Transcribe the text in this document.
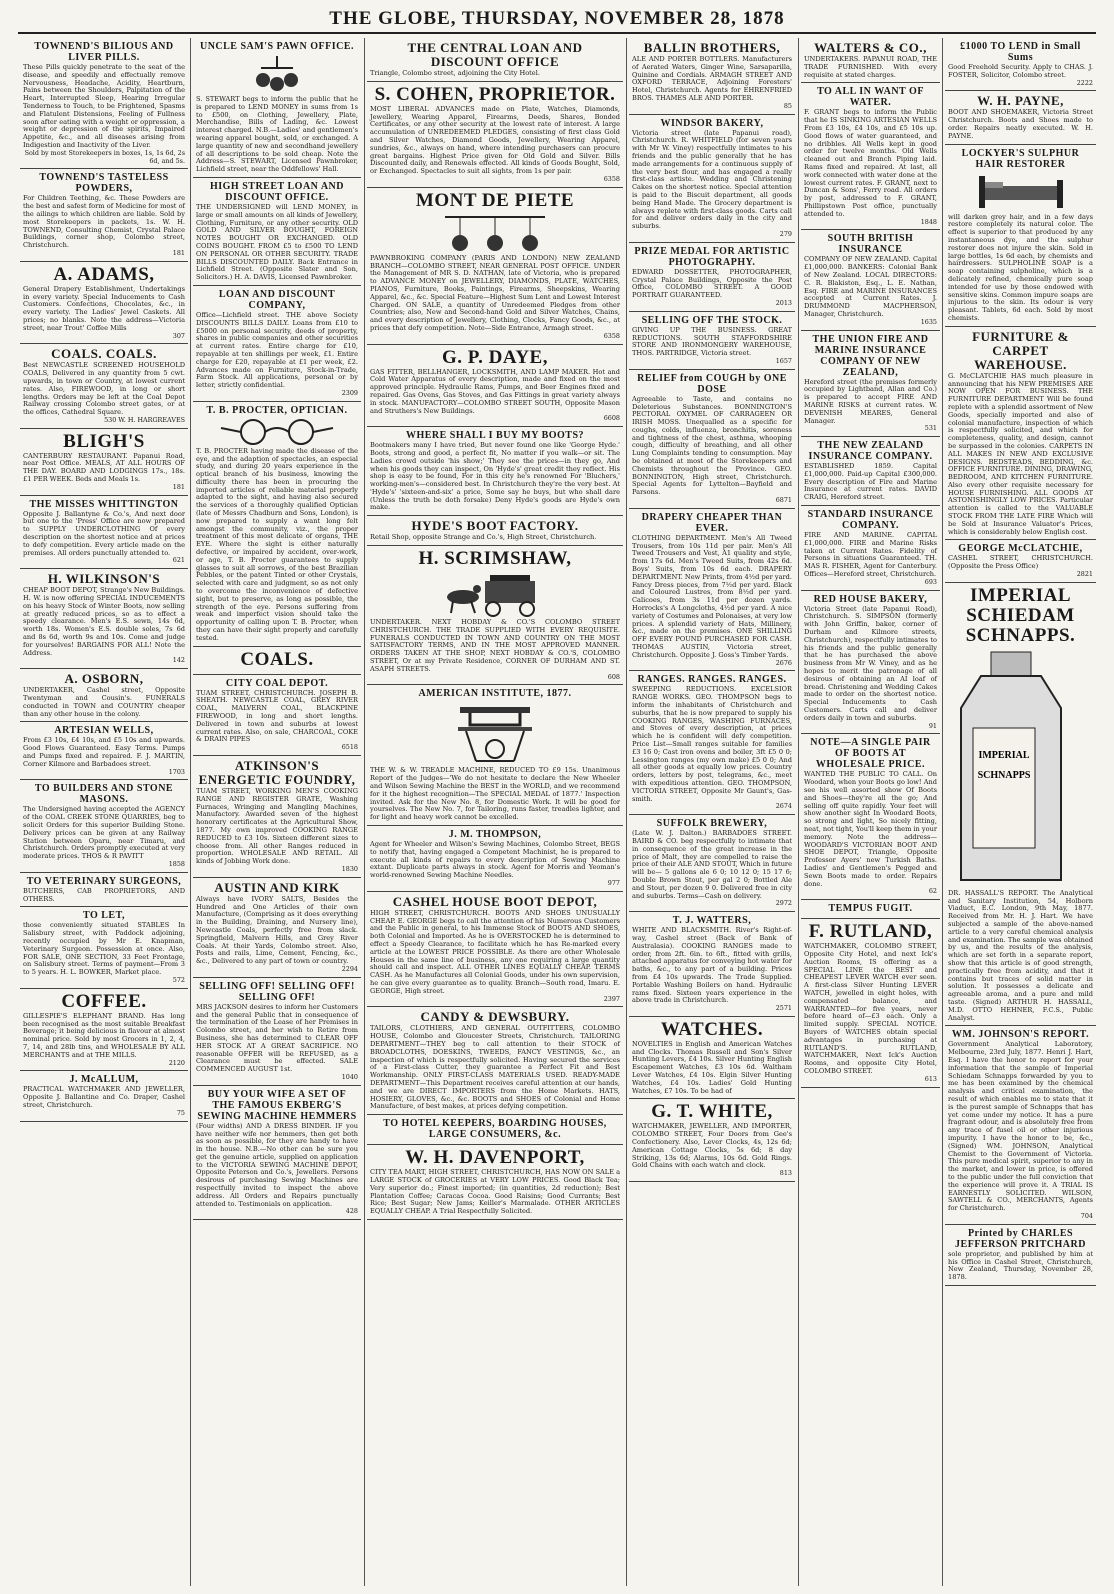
THE GLOBE, THURSDAY, NOVEMBER 28, 1878
TOWNEND'S BILIOUS AND LIVER PILLS.
These Pills quickly penetrate to the seat of the disease, and speedily and effectually remove Nervousness, Headache, Acidity, Heartburn, Pains between the Shoulders, Palpitation of the Heart, Interrupted Sleep, Hearing Irregular Tenderness to Touch, to be Frightened, Spasms and Flatulent Distensions, Feeling of Fullness soon after eating with a weight or oppression, a weight or depression of the spirits, Impaired Appetite, &c., and all diseases arising from Indigestion and Inactivity of the Liver.
Sold by most Storekeepers in boxes, 1s, 1s 6d, 2s 6d, and 5s.
TOWNEND'S TASTELESS POWDERS,
For Children Teething, &c. These Powders are the best and safest form of Medicine for most of the ailings to which children are liable. Sold by most Storekeepers in packets, 1s. W. H. TOWNEND, Consulting Chemist, Crystal Palace Buildings, corner shop, Colombo street, Christchurch.
181
A. ADAMS,
General Drapery Establishment, Undertakings in every variety. Special Inducements to Cash Customers. Confections, Chocolates, &c., in every variety. The Ladies' Jewel Caskets. All prices; no blanks. Note the address—Victoria street, near Trout' Coffee Mills
307
COALS. COALS.
Best NEWCASTLE SCREENED HOUSEHOLD COALS, Delivered in any quantity from 5 cwt. upwards, in town or Country, at lowest current rates. Also, FIREWOOD, in long or short lengths. Orders may be left at the Coal Depot Railway crossing Colombo street gates, or at the offices, Cathedral Square.
530 W. H. HARGREAVES
BLIGH'S
CANTERBURY RESTAURANT. Papanui Road, near Post Office. MEALS, AT ALL HOURS OF THE DAY. BOARD AND LODGINGS 17s., 18s. £1 PER WEEK. Beds and Meals 1s.
181
THE MISSES WHITTINGTON
Opposite J. Ballantyne & Co.'s, And next door but one to the 'Press' Office are now prepared to SUPPLY UNDERCLOTHING Of every description on the shortest notice and at prices to defy competition. Every article made on the premises. All orders punctually attended to.
621
H. WILKINSON'S
CHEAP BOOT DEPOT, Strange's New Buildings. H. W. is now offering SPECIAL INDUCEMENTS on his heavy Stock of Winter Boots, now selling at greatly reduced prices, so as to effect a speedy clearance. Men's E.S. sewn, 14s 6d, worth 18s. Women's E.S. double soles, 7s 6d and 8s 6d, worth 9s and 10s. Come and judge for yourselves! BARGAINS FOR ALL! Note the Address.
142
A. OSBORN,
UNDERTAKER, Cashel street, Opposite Twentyman and Cousin's. FUNERALS conducted in TOWN and COUNTRY cheaper than any other house in the colony.
ARTESIAN WELLS,
From £3 10s, £4 10s, and £5 10s and upwards. Good Flows Guaranteed. Easy Terms. Pumps and Pumps fixed and repaired. F. J. MARTIN, Corner Kilmore and Barbadoes street.
1703
TO BUILDERS AND STONE MASONS.
The Undersigned having accepted the AGENCY of the COAL CREEK STONE QUARRIES, beg to solicit Orders for this superior Building Stone. Delivery prices can be given at any Railway Station between Oparu, near Timaru, and Christchurch. Orders promptly executed at very moderate prices. THOS & R PAVITT
1858
TO VETERINARY SURGEONS,
BUTCHERS, CAB PROPRIETORS, AND OTHERS.
TO LET,
those conveniently situated STABLES In Salisbury street, with Paddock adjoining, recently occupied by Mr E. Knapman, Veterinary Surgeon. Possession at once. Also, FOR SALE, ONE SECTION, 33 Feet Frontage, on Salisbury street. Terms of payment—From 3 to 5 years. H. L. BOWKER, Market place.
572
COFFEE.
GILLESPIE'S ELEPHANT BRAND. Has long been recognised as the most suitable Breakfast Beverage; it being delicious in flavour at almost nominal price. Sold by most Grocers in 1, 2, 4, 7, 14, and 28lb tins, and WHOLESALE BY ALL MERCHANTS and at THE MILLS.
2120
J. McALLUM,
PRACTICAL WATCHMAKER AND JEWELLER, Opposite J. Ballantine and Co. Draper, Cashel street, Christchurch.
75
UNCLE SAM'S PAWN OFFICE.
S. STEWART begs to inform the public that he is prepared to LEND MONEY in sums from 1s to £500, on Clothing, Jewellery, Plate, Merchandise, Bills of Lading, &c. Lowest interest charged. N.B.—Ladies' and gentlemen's wearing apparel bought, sold, or exchanged. A large quantity of new and secondhand jewellery of all descriptions to be sold cheap. Note the Address—S. STEWART, Licensed Pawnbroker, Lichfield street, near the Oddfellows' Hall.
HIGH STREET LOAN AND DISCOUNT OFFICE.
THE UNDERSIGNED will LEND MONEY, in large or small amounts on all kinds of Jewellery, Clothing, Furniture, or any other security. OLD GOLD AND SILVER BOUGHT, FOREIGN NOTES BOUGHT OR EXCHANGED. OLD COINS BOUGHT. FROM £5 to £500 TO LEND ON PERSONAL OR OTHER SECURITY. TRADE BILLS DISCOUNTED DAILY. Back Entrance in Lichfield Street. (Opposite Slater and Son, Solicitors.) H. A. DAVIS, Licensed Pawnbroker.
LOAN AND DISCOUNT COMPANY,
Office—Lichfield street. THE above Society DISCOUNTS BILLS DAILY. Loans from £10 to £5000 on personal security, deeds of property, shares in public companies and other securities at current rates. Entire charge for £10, repayable at ten shillings per week, £1. Entire charge for £20, repayable at £1 per week, £2. Advances made on Furniture, Stock-in-Trade, Farm Stock. All applications, personal or by letter, strictly confidential.
2309
T. B. PROCTER, OPTICIAN.
T. B. PROCTER having made the disease of the eye, and the adaption of spectacles, an especial study, and during 20 years experience in the optical branch of his business, knowing the difficulty there has been in procuring the imported articles of reliable material properly adapted to the sight, and having also secured the services of a thoroughly qualified Optician (late of Messrs Chadburn and Sons, London), is now prepared to supply a want long felt amongst the community, viz., the proper treatment of this most delicate of organs, THE EYE. Where the sight is either naturally defective, or impaired by accident, over-work, or age, T. B. Procter guarantees to supply glasses to suit all sorrows, of the best Brazilian Pebbles, or the patent Tinted or other Crystals, selected with care and judgment, so as not only to overcome the inconvenience of defective sight, but to preserve, as long as possible, the strength of the eye. Persons suffering from weak and imperfect vision should take the opportunity of calling upon T. B. Procter, when they can have their sight properly and carefully tested.
COALS.
CITY COAL DEPOT.
TUAM STREET, CHRISTCHURCH. JOSEPH B. SHEATH. NEWCASTLE COAL, GREY RIVER COAL, MALVERN COAL, BLACKPINE FIREWOOD, in long and short lengths. Delivered in town and suburbs at lowest current rates. Also, on sale, CHARCOAL, COKE & DRAIN PIPES
6518
ATKINSON'S ENERGETIC FOUNDRY,
TUAM STREET, WORKING MEN'S COOKING RANGE AND REGISTER GRATE, Washing Furnaces, Wringing and Mangling Machines, Manufactory. Awarded seven of the highest honorary certificates at the Agricultural Show, 1877. My own improved COOKING RANGE REDUCED to £3 10s. Sixteen different sizes to choose from. All other Ranges reduced in proportion. WHOLESALE AND RETAIL. All kinds of Jobbing Work done.
1830
AUSTIN AND KIRK
Always have IVORY SALTS, Besides the Hundred and One Articles of their own Manufacture, (Comprising as it does everything in the Building, Draining, and Nursery line), Newcastle Coals, perfectly free from slack. Springfield, Malvern Hills, and Grey River Coals. At their Yards, Colombo street. Also, Posts and rails, Lime, Cement, Fencing, &c., &c., Delivered to any part of town or country.
2294
SELLING OFF! SELLING OFF! SELLING OFF!
MRS JACKSON desires to inform her Customers and the general Public that in consequence of the termination of the Lease of her Premises in Colombo street, and her wish to Retire from Business, she has determined to CLEAR OFF HER STOCK AT A GREAT SACRIFICE. NO reasonable OFFER will be REFUSED, as a Clearance must be effected. SALE COMMENCED AUGUST 1st.
1040
BUY YOUR WIFE A SET OF THE FAMOUS EKBERG'S SEWING MACHINE HEMMERS
(Four widths) AND A DRESS BINDER. IF you have neither wife nor hemmers, then get both as soon as possible, for they are handy to have in the house. N.B.—No other can be sure you get the genuine article, supplied on application to the VICTORIA SEWING MACHINE DEPOT, Opposite Peterson and Co.'s, Jewellers. Persons desirous of purchasing Sewing Machines are respectfully invited to inspect the above address. All Orders and Repairs punctually attended to. Testimonials on application.
428
THE CENTRAL LOAN AND DISCOUNT OFFICE
Triangle, Colombo street, adjoining the City Hotel.
S. COHEN, PROPRIETOR.
MOST LIBERAL ADVANCES made on Plate, Watches, Diamonds, Jewellery, Wearing Apparel, Firearms, Deeds, Shares, Bonded Certificates, or any other security at the lowest rate of interest. A large accumulation of UNREDEEMED PLEDGES, consisting of first class Gold and Silver Watches, Diamond Goods, Jewellery, Wearing Apparel, sundries, &c., always on hand, where intending purchasers can procure great bargains. Highest Price given for Old Gold and Silver. Bills Discounted daily, and Renewals effected. All kinds of Goods Bought, Sold, or Exchanged. Spectacles to suit all sights, from 1s per pair.
6358
MONT DE PIETE
PAWNBROKING COMPANY (PARIS AND LONDON) NEW ZEALAND BRANCH—COLOMBO STREET, NEAR GENERAL POST OFFICE. UNDER the Management of MR S. D. NATHAN, late of Victoria, who is prepared to ADVANCE MONEY on JEWELLERY, DIAMONDS, PLATE, WATCHES, PIANOS, Furniture, Books, Paintings, Firearms, Sheepskins, Wearing Apparel, &c., &c. Special Feature—Highest Sum Lent and Lowest Interest Charged. ON SALE, a quantity of Unredeemed Pledges from other Countries; also, New and Second-hand Gold and Silver Watches, Chains, and every description of Jewellery, Clothing, Clocks, Fancy Goods, &c., at prices that defy competition. Note—Side Entrance, Armagh street.
6358
G. P. DAYE,
GAS FITTER, BELLHANGER, LOCKSMITH, AND LAMP MAKER. Hot and Cold Water Apparatus of every description, made and fixed on the most approved principle. Hydraulic Rams, Pumps, and Beer Engines fixed and repaired. Gas Ovens, Gas Stoves, and Gas Fittings in great variety always in stock. MANUFACTORY—COLOMBO STREET SOUTH, Opposite Mason and Struthers's New Buildings.
6608
WHERE SHALL I BUY MY BOOTS?
Bootmakers many I have tried, But never found one like 'George Hyde.' Boots, strong and good, a perfect fit, No matter if you walk—or sit. The Ladies crowd outside 'his show;' They see the prices—in they go, And when his goods they can inspect, On 'Hyde's' great credit they reflect. His shop is easy to be found, For in this city he's renowned For 'Bluchers,' working-men's—considered best. In Christchurch they're the very best. At 'Hyde's' 'sixteen-and-six' a price, Some say he buys, but who shall dare (Unless the truth be doth forsake) Deny Hyde's goods are Hyde's own make.
HYDE'S BOOT FACTORY.
Retail Shop, opposite Strange and Co.'s, High Street, Christchurch.
H. SCRIMSHAW,
UNDERTAKER. NEXT HOBDAY & CO.'S COLOMBO STREET CHRISTCHURCH. THE TRADE SUPPLIED WITH EVERY REQUISITE. FUNERALS CONDUCTED IN TOWN AND COUNTRY ON THE MOST SATISFACTORY TERMS, AND IN THE MOST APPROVED MANNER. ORDERS TAKEN AT THE SHOP, NEXT HOBDAY & CO.'S, COLOMBO STREET, Or at my Private Residence, CORNER OF DURHAM AND ST. ASAPH STREETS.
608
AMERICAN INSTITUTE, 1877.
THE W. & W. TREADLE MACHINE, REDUCED TO £9 15s. Unanimous Report of the Judges—'We do not hesitate to declare the New Wheeler and Wilson Sewing Machine the BEST in the WORLD, and we recommend for it the highest recognition—The SPECIAL MEDAL of 1877.' Inspection invited. Ask for the New No. 8, for Domestic Work. It will be good for yourselves. The New No. 7, for Tailoring, runs faster, treadles lighter, and for light and heavy work cannot be excelled.
J. M. THOMPSON,
Agent for Wheeler and Wilson's Sewing Machines, Colombo Street, BEGS to notify that, having engaged a Competent Machinist, he is prepared to execute all kinds of repairs to every description of Sewing Machine extant. Duplicate parts always in stock. Agent for Morris and Yeoman's world-renowned Sewing Machine Needles.
977
CASHEL HOUSE BOOT DEPOT,
HIGH STREET, CHRISTCHURCH. BOOTS AND SHOES UNUSUALLY CHEAP. E. GEORGE begs to call the attention of his Numerous Customers and the Public in general, to his Immense Stock of BOOTS AND SHOES, both Colonial and Imported. As he is OVERSTOCKED he is determined to effect a Speedy Clearance, to facilitate which he has Re-marked every article at the LOWEST PRICE POSSIBLE. As there are other Wholesale Houses in the same line of business, any one requiring a large quantity should call and inspect. ALL OTHER LINES EQUALLY CHEAP. TERMS CASH. As he Manufactures all Colonial Goods, under his own supervision, he can give every guarantee as to quality. Branch—South road, Imaru. E. GEORGE, High street.
2397
CANDY & DEWSBURY.
TAILORS, CLOTHIERS, AND GENERAL OUTFITTERS, COLOMBO HOUSE, Colombo and Gloucester Streets, Christchurch. TAILORING DEPARTMENT—THEY beg to call attention to their STOCK of BROADCLOTHS, DOESKINS, TWEEDS, FANCY VESTINGS, &c., an inspection of which is respectfully solicited. Having secured the services of a First-class Cutter, they guarantee a Perfect Fit and Best Workmanship. ONLY FIRST-CLASS MATERIALS USED. READY-MADE DEPARTMENT—This Department receives careful attention at our hands, and we are DIRECT IMPORTERS from the Home Markets. HATS, HOSIERY, GLOVES, &c., &c. BOOTS and SHOES of Colonial and Home Manufacture, of best makes, at prices defying competition.
TO HOTEL KEEPERS, BOARDING HOUSES, LARGE CONSUMERS, &c.
W. H. DAVENPORT,
CITY TEA MART, HIGH STREET, CHRISTCHURCH, HAS NOW ON SALE a LARGE STOCK of GROCERIES at VERY LOW PRICES. Good Black Tea; Very superior do.; Finest imported; (in quantities, 2d reduction); Best Plantation Coffee; Caracas Cocoa. Good Raisins; Good Currants; Best Rice; Best Sugar; New Jams; Keiller's Marmalade. OTHER ARTICLES EQUALLY CHEAP. A Trial Respectfully Solicited.
BALLIN BROTHERS,
ALE AND PORTER BOTTLERS. Manufacturers of Aerated Waters, Ginger Wine, Sarsaparilla, Quinine and Cordials. ARMAGH STREET AND OXFORD TERRACE, Adjoining Foresters' Hotel, Christchurch. Agents for EHRENFRIED BROS. THAMES ALE AND PORTER.
85
WINDSOR BAKERY,
Victoria street (late Papanui road), Christchurch. R. WHITFIELD (for seven years with Mr W. Viney) respectfully intimates to his friends and the public generally that he has made arrangements for a continuous supply of the very best flour, and has engaged a really first-class artiste. Wedding and Christening Cakes on the shortest notice. Special attention is paid to the Biscuit department, all goods being Hand Made. The Grocery department is always replete with first-class goods. Carts call for and deliver orders daily in the city and suburbs.
279
PRIZE MEDAL FOR ARTISTIC PHOTOGRAPHY.
EDWARD DOSSETTER, PHOTOGRAPHER, Crystal Palace Buildings, Opposite the Post Office, COLOMBO STREET. A GOOD PORTRAIT GUARANTEED.
2013
SELLING OFF THE STOCK.
GIVING UP THE BUSINESS. GREAT REDUCTIONS. SOUTH STAFFORDSHIRE STORE AND IRONMONGERY WAREHOUSE, THOS. PARTRIDGE, Victoria street.
1657
RELIEF from COUGH by ONE DOSE
Agreeable to Taste, and contains no Deleterious Substances. BONNINGTON'S PECTORAL OXYMEL OF CARRAGEEN OR IRISH MOSS. Unequalled as a specific for coughs, colds, influenza, bronchitis, soreness and tightness of the chest, asthma, whooping cough, difficulty of breathing, and all other Lung Complaints tending to consumption. May be obtained at most of the Storekeepers and Chemists throughout the Province. GEO. BONNINGTON, High street, Christchurch. Special Agents for Lyttelton—Bayfield and Parsons.
6871
DRAPERY CHEAPER THAN EVER.
CLOTHING DEPARTMENT. Men's All Tweed Trousers, from 10s 11d per pair. Men's All Tweed Trousers and Vest, A1 quality and style, from 17s 6d. Men's Tweed Suits, from 42s 6d. Boys' Suits, from 10s 6d each. DRAPERY DEPARTMENT. New Prints, from 4½d per yard. Fancy Dress pieces, from 7½d per yard. Black and Coloured Lustres, from 8½d per yard. Calicoes, from 3s 11d per dozen yards. Horrocks's A Longcloths, 4½d per yard. A nice variety of Costumes and Polonaises, at very low prices. A splendid variety of Hats, Millinery, &c., made on the premises. ONE SHILLING OFF EVERY POUND PURCHASED FOR CASH. THOMAS AUSTIN, Victoria street, Christchurch. Opposite J. Goss's Timber Yards.
2676
RANGES. RANGES. RANGES.
SWEEPING REDUCTIONS. EXCELSIOR RANGE WORKS. GEO. THOMPSON begs to inform the inhabitants of Christchurch and suburbs, that he is now prepared to supply his COOKING RANGES, WASHING FURNACES, and Stoves of every description, at prices which he is confident will defy competition. Price List—Small ranges suitable for families £3 16 0; Cast iron ovens and boiler, 3ft £5 0 0; Lessington ranges (my own make) £5 0 0; And all other goods at equally low prices. Country orders, letters by post, telegrams, &c., meet with expeditious attention. GEO. THOMPSON, VICTORIA STREET, Opposite Mr Gaunt's, Gas-smith.
2674
SUFFOLK BREWERY,
(Late W. J. Dalton.) BARBADOES STREET. BAIRD & CO. beg respectfully to intimate that in consequence of the great increase in the price of Malt, they are compelled to raise the price of their ALE AND STOUT, Which in future will be— 5 gallons ale 6 0; 10 12 0; 15 17 6; Double Brown Stout, per gal 2 0; Bottled Ale and Stout, per dozen 9 0. Delivered free in city and suburbs. Terms—Cash on delivery.
2972
T. J. WATTERS,
WHITE AND BLACKSMITH. River's Right-of-way, Cashel street (Back of Bank of Australasia). COOKING RANGES made to order, from 2ft. 6in. to 6ft., fitted with grills, attached apparatus for conveying hot water for baths, &c., to any part of a building. Prices from £4 10s upwards. The Trade Supplied. Portable Washing Boilers on hand. Hydraulic rams fixed. Sixteen years experience in the above trade in Christchurch.
2571
WATCHES.
NOVELTIES in English and American Watches and Clocks. Thomas Russell and Son's Silver Hunting Levers, £4 10s. Silver Hunting English Escapement Watches, £3 10s 6d. Waltham Lever Watches, £4 10s. Elgin Silver Hunting Watches, £4 10s. Ladies' Gold Hunting Watches, £7 10s. To be had of
G. T. WHITE,
WATCHMAKER, JEWELLER, AND IMPORTER, COLOMBO STREET, Four Doors from Gee's Confectionery. Also, Lever Clocks, 4s, 12s 6d; American Cottage Clocks, 5s 6d; 8 day Striking, 13s 6d; Alarms, 10s 6d. Gold Rings. Gold Chains with each watch and clock.
813
WALTERS & CO.,
UNDERTAKERS. PAPANUI ROAD, THE TRADE FURNISHED. With every requisite at stated charges.
TO ALL IN WANT OF WATER.
F. GRANT begs to inform the Public that he IS SINKING ARTESIAN WELLS From £3 10s, £4 10s, and £5 10s up. Good flows of water guaranteed, and no dribbles. All Wells kept in good order for twelve months. Old Wells cleaned out and Branch Piping laid. Rams fixed and repaired. At last, all work connected with water done at the lowest current rates. F. GRANT, next to Duncan & Sons', Ferry road. All orders by post, addressed to F. GRANT, Phillipstown Post office, punctually attended to.
1848
SOUTH BRITISH INSURANCE
COMPANY OF NEW ZEALAND. Capital £1,000,000. BANKERS: Colonial Bank of New Zealand. LOCAL DIRECTORS: C. R. Blakiston, Esq., L. E. Nathan, Esq. FIRE and MARINE INSURANCES accepted at Current Rates. J. DRUMMOND MACPHERSON, Manager, Christchurch.
1635
THE UNION FIRE AND MARINE INSURANCE COMPANY OF NEW ZEALAND,
Hereford street (the premises formerly occupied by Lightband, Allan and Co.) is prepared to accept FIRE AND MARINE RISKS at current rates. W. DEVENISH MEARES, General Manager.
531
THE NEW ZEALAND INSURANCE COMPANY.
ESTABLISHED 1859. Capital £1,000,000. Paid-up Capital £300,000. Every description of Fire and Marine Insurance at current rates. DAVID CRAIG, Hereford street.
STANDARD INSURANCE COMPANY.
FIRE AND MARINE. CAPITAL £1,000,000. FIRE and Marine Risks taken at Current Rates. Fidelity of Persons in situations Guaranteed. TH. MAS R. FISHER, Agent for Canterbury. Offices—Hereford street, Christchurch.
693
RED HOUSE BAKERY,
Victoria Street (late Papanui Road), Christchurch. S. SIMPSON (formerly with John Griffin, baker, corner of Durham and Kilmore streets, Christchurch), respectfully intimates to his friends and the public generally that he has purchased the above business from Mr W. Viney, and as he hopes to merit the patronage of all desirous of obtaining an AI loaf of bread. Christening and Wedding Cakes made to order on the shortest notice. Special Inducements to Cash Customers. Carts call and deliver orders daily in town and suburbs.
91
NOTE—A SINGLE PAIR OF BOOTS AT WHOLESALE PRICE.
WANTED THE PUBLIC TO CALL. On Woodard, when your Boots go low! And see his well assorted show Of Boots and Shoes—they're all the go; And selling off quite rapidly. Your feet will show another sight In Woodard Boots, so strong and light, So nicely fitting, neat, not tight, You'll keep them in your memory. Note the address— WOODARD'S VICTORIAN BOOT AND SHOE DEPOT, Triangle, Opposite Professor Ayers' new Turkish Baths. Ladies' and Gentlemen's Pegged and Sewn Boots made to order. Repairs done.
62
TEMPUS FUGIT.
F. RUTLAND,
WATCHMAKER, COLOMBO STREET, Opposite City Hotel, and next Ick's Auction Rooms, IS offering as a SPECIAL LINE the BEST and CHEAPEST LEVER WATCH ever seen. A first-class Silver Hunting LEVER WATCH, jewelled in eight holes, with compensated balance, and WARRANTED—for five years, never before heard of—£3 each. Only a limited supply. SPECIAL NOTICE. Buyers of WATCHES obtain special advantages in purchasing at RUTLAND'S. RUTLAND, WATCHMAKER, Next Ick's Auction Rooms, and opposite City Hotel, COLOMBO STREET.
613
£1000 TO LEND in Small Sums
Good Freehold Security. Apply to CHAS. J. FOSTER, Solicitor, Colombo street.
2222
W. H. PAYNE,
BOOT AND SHOEMAKER, Victoria Street Christchurch. Boots and Shoes made to order. Repairs neatly executed. W. H. PAYNE.
LOCKYER'S SULPHUR HAIR RESTORER
will darken grey hair, and in a few days restore completely its natural color. The effect is superior to that produced by any instantaneous dye, and the sulphur restorer does not injure the skin. Sold in large bottles, 1s 6d each, by chemists and hairdressers. SULPHOLINE SOAP is a soap containing sulpholine, which is a delicately refined, chemically pure soap intended for use by those endowed with sensitive skins. Common impure soaps are injurious to the skin. Its odour is very pleasant. Tablets, 6d each. Sold by most chemists.
FURNITURE & CARPET WAREHOUSE.
G. McCLATCHIE HAS much pleasure in announcing that his NEW PREMISES ARE NOW OPEN FOR BUSINESS. THE FURNITURE DEPARTMENT Will be found replete with a splendid assortment of New Goods, specially imported and also of colonial manufacture, inspection of which is respectfully solicited, and which for completeness, quality, and design, cannot be surpassed in the colonies. CARPETS IN ALL MAKES IN NEW AND EXCLUSIVE DESIGNS. BEDSTEADS, BEDDING, &c. OFFICE FURNITURE. DINING, DRAWING, BEDROOM, AND KITCHEN FURNITURE. Also every other requisite necessary for HOUSE FURNISHING. ALL GOODS AT ASTONISHINGLY LOW PRICES. Particular attention is called to the VALUABLE STOCK FROM THE LATE FIRE Which will be Sold at Insurance Valuator's Prices, which is considerably below English cost.
GEORGE McCLATCHIE,
CASHEL STREET, CHRISTCHURCH. (Opposite the Press Office)
2821
IMPERIAL SCHIEDAM SCHNAPPS.
IMPERIAL
SCHNAPPS
DR. HASSALL'S REPORT. The Analytical and Sanitary Institution, 54, Holborn Viaduct, E.C. London, 9th May, 1877. Received from Mr. H. J. Hart. We have subjected a sample of the above-named article to a very careful chemical analysis and examination. The sample was obtained by us, and the results of the analysis, which are set forth in a separate report, show that this article is of good strength, practically free from acidity, and that it contains but traces of solid matter in solution. It possesses a delicate and agreeable aroma, and a pure and mild taste. (Signed) ARTHUR H. HASSALL, M.D. OTTO HEHNER, F.C.S., Public Analyst.
WM. JOHNSON'S REPORT.
Government Analytical Laboratory, Melbourne, 23rd July, 1877. Henri J. Hart, Esq. I have the honor to report for your information that the sample of Imperial Schiedam Schnapps forwarded by you to me has been examined by the chemical analysis and critical examination, the result of which enables me to state that it is the purest sample of Schnapps that has yet come under my notice. It has a pure fragrant odour, and is absolutely free from any trace of fusel oil or other injurious impurity. I have the honor to be, &c., (Signed) WM. JOHNSON, Analytical Chemist to the Government of Victoria. This pure medical spirit, superior to any in the market, and lower in price, is offered to the public under the full conviction that the experience will prove it. A TRIAL IS EARNESTLY SOLICITED. WILSON, SAWTELL & CO., MERCHANTS, Agents for Christchurch.
704
Printed by CHARLES JEFFERSON PRITCHARD
sole proprietor, and published by him at his Office in Cashel Street, Christchurch, New Zealand, Thursday, November 28, 1878.
